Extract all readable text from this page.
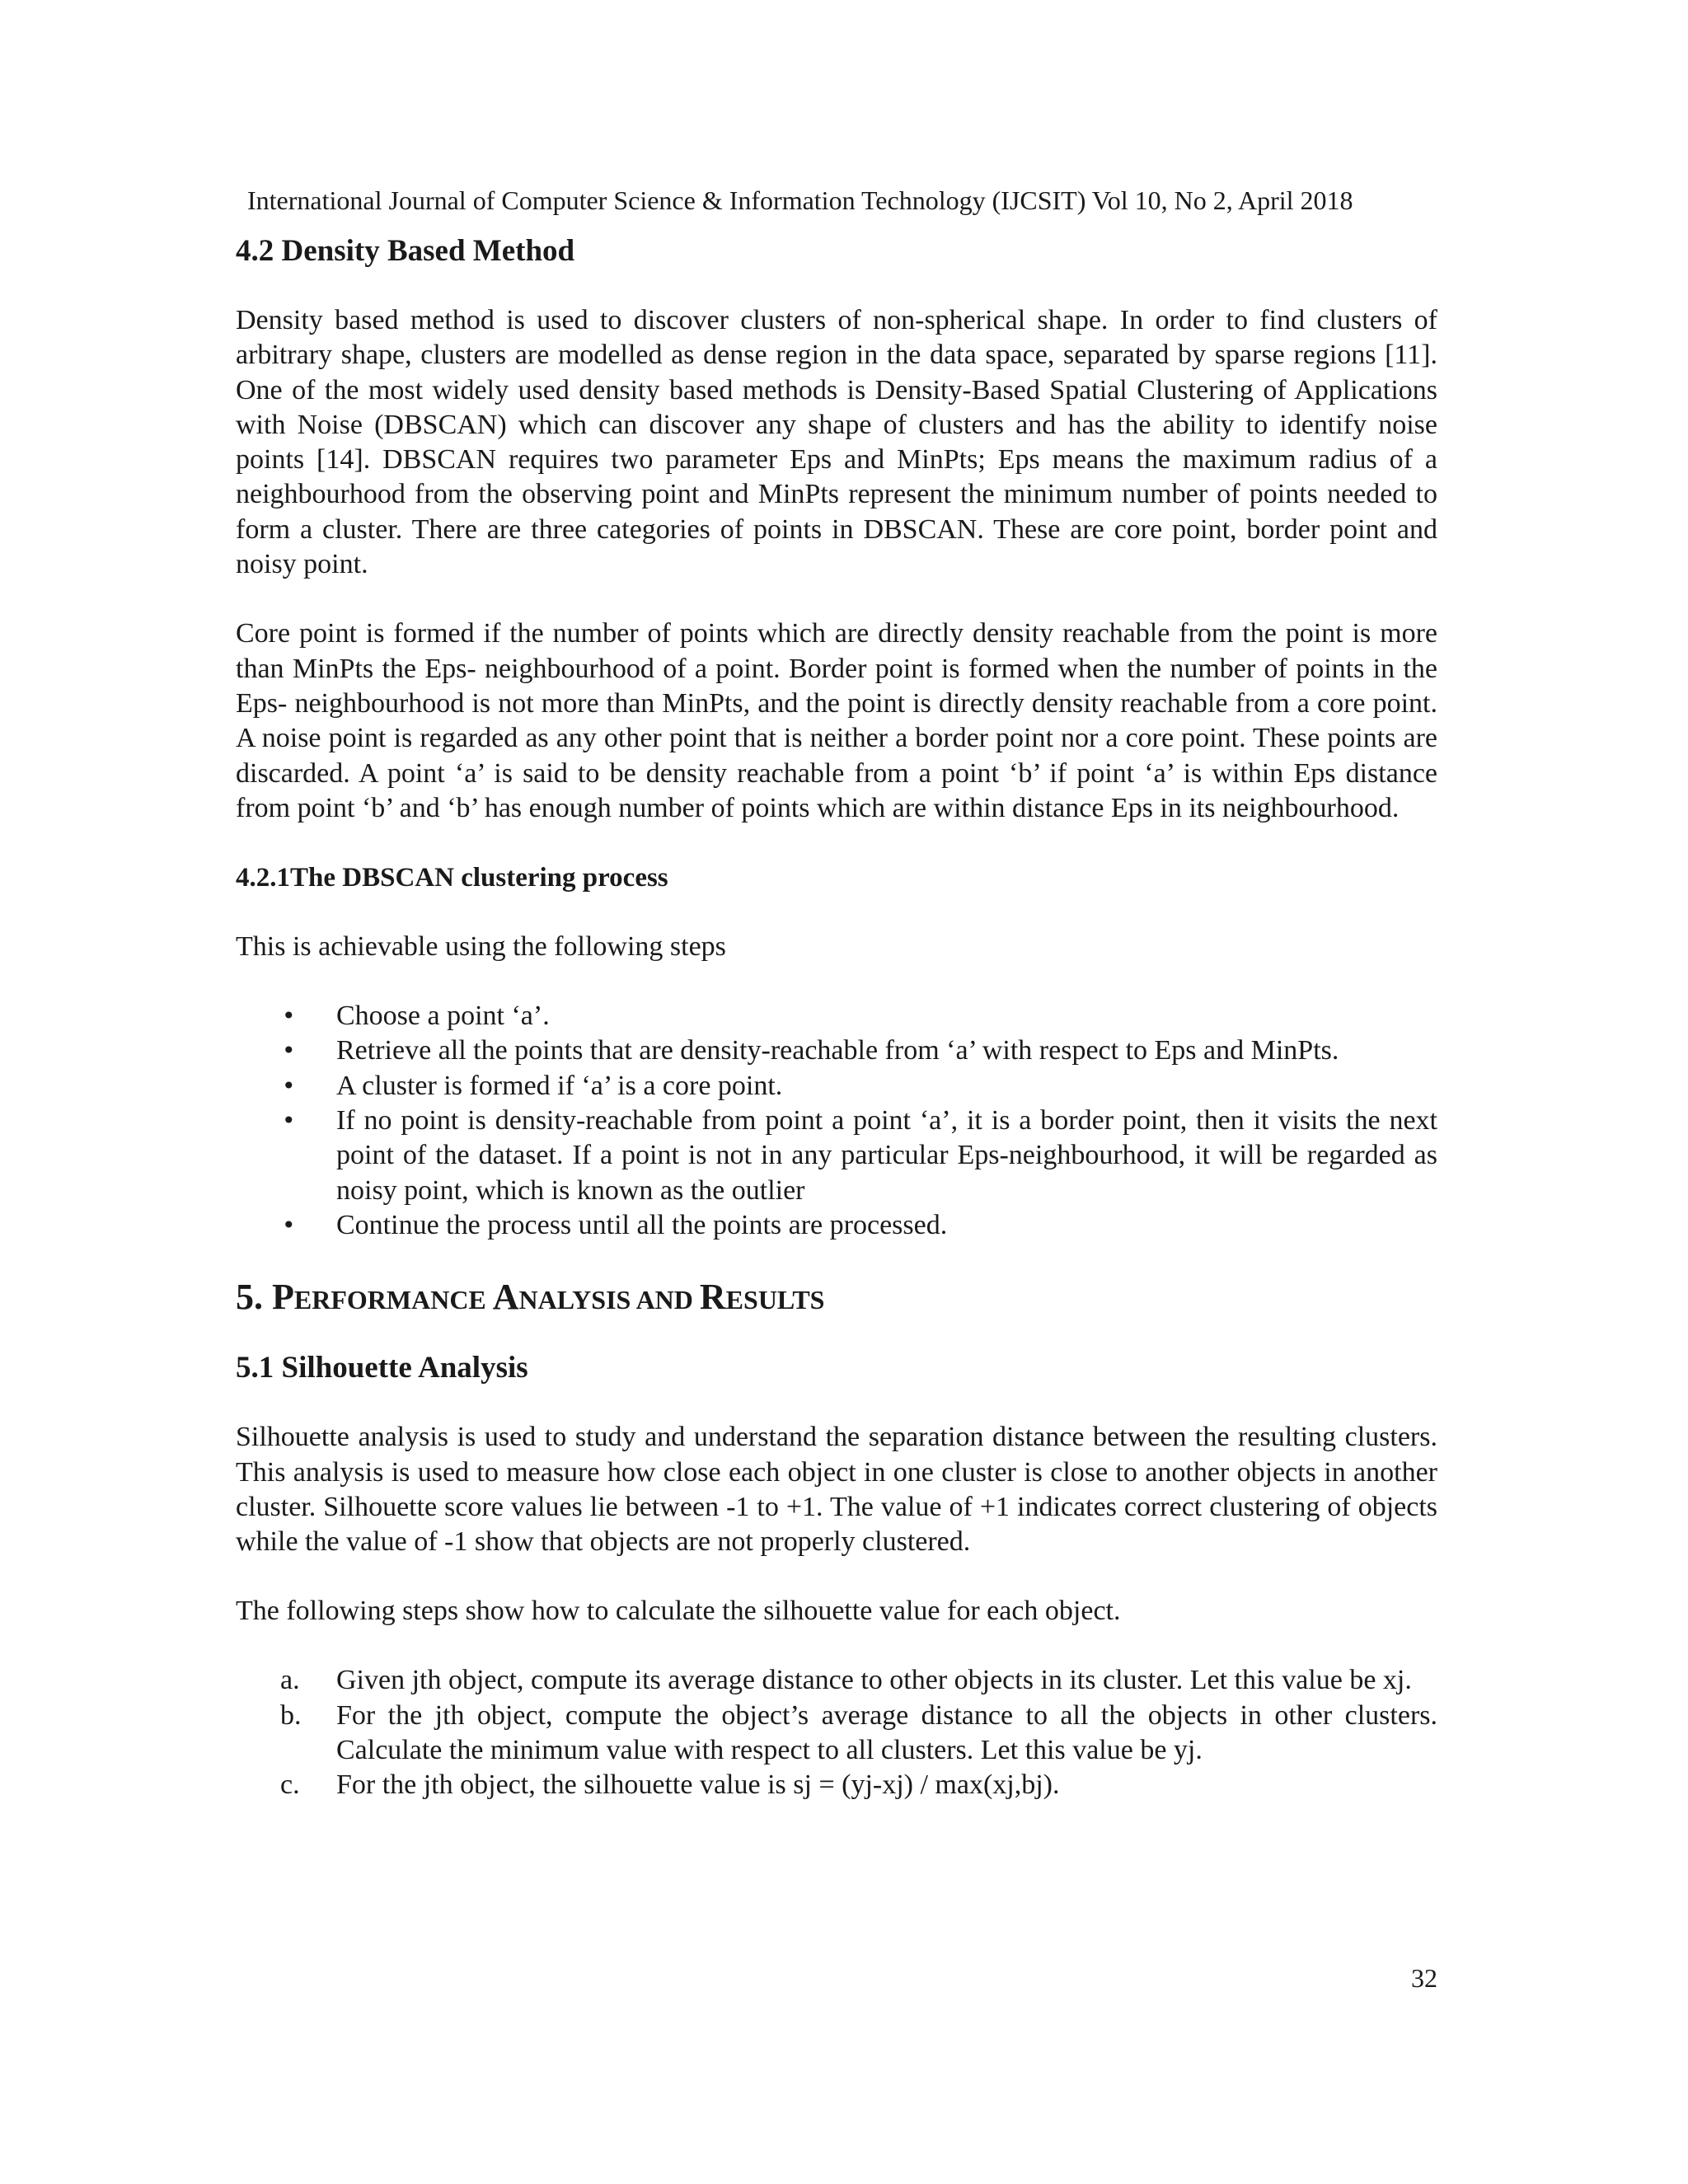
International Journal of Computer Science & Information Technology (IJCSIT) Vol 10, No 2, April 2018
4.2 Density Based Method

Density based method is used to discover clusters of non-spherical shape. In order to find clusters of arbitrary shape, clusters are modelled as dense region in the data space, separated by sparse regions [11]. One of the most widely used density based methods is Density-Based Spatial Clustering of Applications with Noise (DBSCAN) which can discover any shape of clusters and has the ability to identify noise points [14]. DBSCAN requires two parameter Eps and MinPts; Eps means the maximum radius of a neighbourhood from the observing point and MinPts represent the minimum number of points needed to form a cluster. There are three categories of points in DBSCAN. These are core point, border point and noisy point.

Core point is formed if the number of points which are directly density reachable from the point is more than MinPts the Eps- neighbourhood of a point. Border point is formed when the number of points in the Eps- neighbourhood is not more than MinPts, and the point is directly density reachable from a core point. A noise point is regarded as any other point that is neither a border point nor a core point. These points are discarded. A point ‘a’ is said to be density reachable from a point ‘b’ if point ‘a’ is within Eps distance from point ‘b’ and ‘b’ has enough number of points which are within distance Eps in its neighbourhood.

4.2.1The DBSCAN clustering process

This is achievable using the following steps

• Choose a point ‘a’.
• Retrieve all the points that are density-reachable from ‘a’ with respect to Eps and MinPts.
• A cluster is formed if ‘a’ is a core point.
• If no point is density-reachable from point a point ‘a’, it is a border point, then it visits the next point of the dataset. If a point is not in any particular Eps-neighbourhood, it will be regarded as noisy point, which is known as the outlier
• Continue the process until all the points are processed.
5. PERFORMANCE ANALYSIS AND RESULTS
5.1 Silhouette Analysis

Silhouette analysis is used to study and understand the separation distance between the resulting clusters. This analysis is used to measure how close each object in one cluster is close to another objects in another cluster. Silhouette score values lie between -1 to +1. The value of +1 indicates correct clustering of objects while the value of -1 show that objects are not properly clustered.

The following steps show how to calculate the silhouette value for each object.

a. Given jth object, compute its average distance to other objects in its cluster. Let this value be xj.
b. For the jth object, compute the object’s average distance to all the objects in other clusters. Calculate the minimum value with respect to all clusters. Let this value be yj.
c. For the jth object, the silhouette value is sj = (yj-xj) / max(xj,bj).
32
